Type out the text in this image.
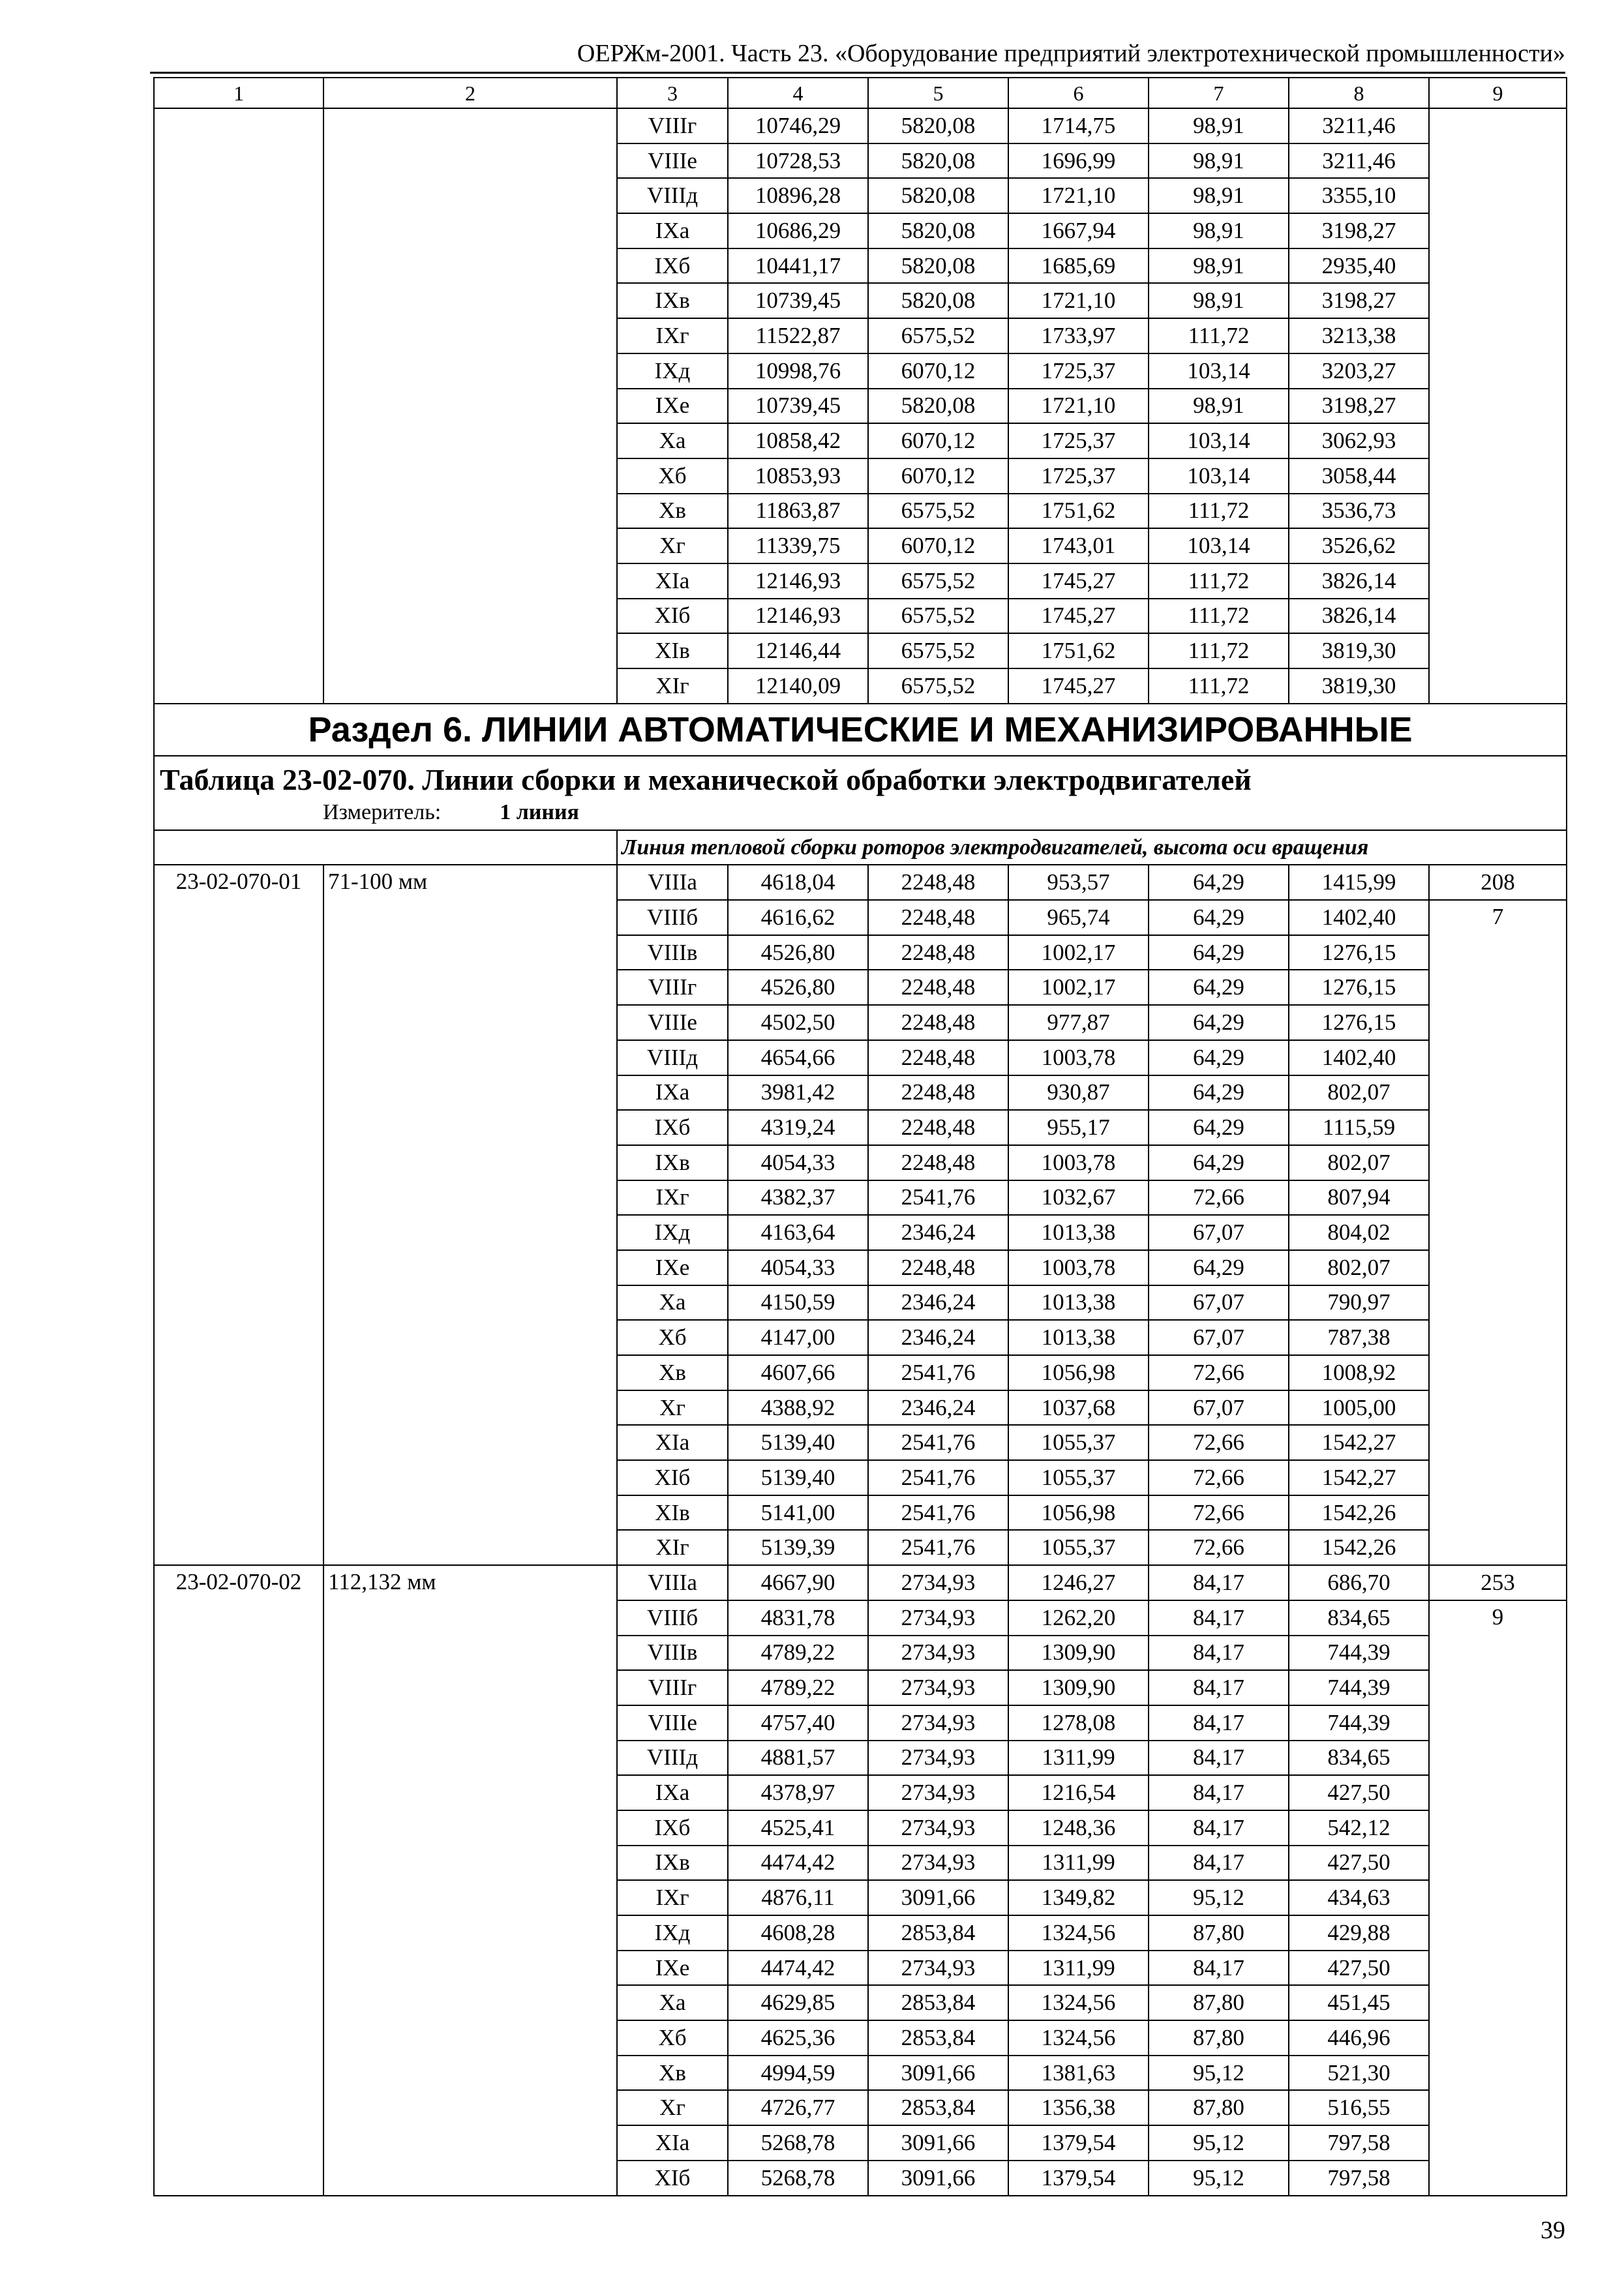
ОЕРЖм-2001. Часть 23. «Оборудование предприятий электротехнической промышленности»
1	2	3	4	5	6	7	8	9
		VIIIг	10746,29	5820,08	1714,75	98,91	3211,46	
		VIIIе	10728,53	5820,08	1696,99	98,91	3211,46	
		VIIIд	10896,28	5820,08	1721,10	98,91	3355,10	
		IXа	10686,29	5820,08	1667,94	98,91	3198,27	
		IXб	10441,17	5820,08	1685,69	98,91	2935,40	
		IXв	10739,45	5820,08	1721,10	98,91	3198,27	
		IXг	11522,87	6575,52	1733,97	111,72	3213,38	
		IXд	10998,76	6070,12	1725,37	103,14	3203,27	
		IXе	10739,45	5820,08	1721,10	98,91	3198,27	
		Xа	10858,42	6070,12	1725,37	103,14	3062,93	
		Xб	10853,93	6070,12	1725,37	103,14	3058,44	
		Xв	11863,87	6575,52	1751,62	111,72	3536,73	
		Xг	11339,75	6070,12	1743,01	103,14	3526,62	
		XIа	12146,93	6575,52	1745,27	111,72	3826,14	
		XIб	12146,93	6575,52	1745,27	111,72	3826,14	
		XIв	12146,44	6575,52	1751,62	111,72	3819,30	
		XIг	12140,09	6575,52	1745,27	111,72	3819,30	
Раздел 6. ЛИНИИ АВТОМАТИЧЕСКИЕ И МЕХАНИЗИРОВАННЫЕ								

Таблица 23-02-070. Линии сборки и механической обработки электродвигателей
Измеритель: 1 линия								

		Линия тепловой сборки роторов электродвигателей, высота оси вращения						
23-02-070-01	71-100 мм	VIIIа	4618,04	2248,48	953,57	64,29	1415,99	208
		VIIIб	4616,62	2248,48	965,74	64,29	1402,40	7
		VIIIв	4526,80	2248,48	1002,17	64,29	1276,15	
		VIIIг	4526,80	2248,48	1002,17	64,29	1276,15	
		VIIIе	4502,50	2248,48	977,87	64,29	1276,15	
		VIIIд	4654,66	2248,48	1003,78	64,29	1402,40	
		IXа	3981,42	2248,48	930,87	64,29	802,07	
		IXб	4319,24	2248,48	955,17	64,29	1115,59	
		IXв	4054,33	2248,48	1003,78	64,29	802,07	
		IXг	4382,37	2541,76	1032,67	72,66	807,94	
		IXд	4163,64	2346,24	1013,38	67,07	804,02	
		IXе	4054,33	2248,48	1003,78	64,29	802,07	
		Xа	4150,59	2346,24	1013,38	67,07	790,97	
		Xб	4147,00	2346,24	1013,38	67,07	787,38	
		Xв	4607,66	2541,76	1056,98	72,66	1008,92	
		Xг	4388,92	2346,24	1037,68	67,07	1005,00	
		XIа	5139,40	2541,76	1055,37	72,66	1542,27	
		XIб	5139,40	2541,76	1055,37	72,66	1542,27	
		XIв	5141,00	2541,76	1056,98	72,66	1542,26	
		XIг	5139,39	2541,76	1055,37	72,66	1542,26	
23-02-070-02	112,132 мм	VIIIа	4667,90	2734,93	1246,27	84,17	686,70	253
		VIIIб	4831,78	2734,93	1262,20	84,17	834,65	9
		VIIIв	4789,22	2734,93	1309,90	84,17	744,39	
		VIIIг	4789,22	2734,93	1309,90	84,17	744,39	
		VIIIе	4757,40	2734,93	1278,08	84,17	744,39	
		VIIIд	4881,57	2734,93	1311,99	84,17	834,65	
		IXа	4378,97	2734,93	1216,54	84,17	427,50	
		IXб	4525,41	2734,93	1248,36	84,17	542,12	
		IXв	4474,42	2734,93	1311,99	84,17	427,50	
		IXг	4876,11	3091,66	1349,82	95,12	434,63	
		IXд	4608,28	2853,84	1324,56	87,80	429,88	
		IXе	4474,42	2734,93	1311,99	84,17	427,50	
		Xа	4629,85	2853,84	1324,56	87,80	451,45	
		Xб	4625,36	2853,84	1324,56	87,80	446,96	
		Xв	4994,59	3091,66	1381,63	95,12	521,30	
		Xг	4726,77	2853,84	1356,38	87,80	516,55	
		XIа	5268,78	3091,66	1379,54	95,12	797,58	
		XIб	5268,78	3091,66	1379,54	95,12	797,58	
39
